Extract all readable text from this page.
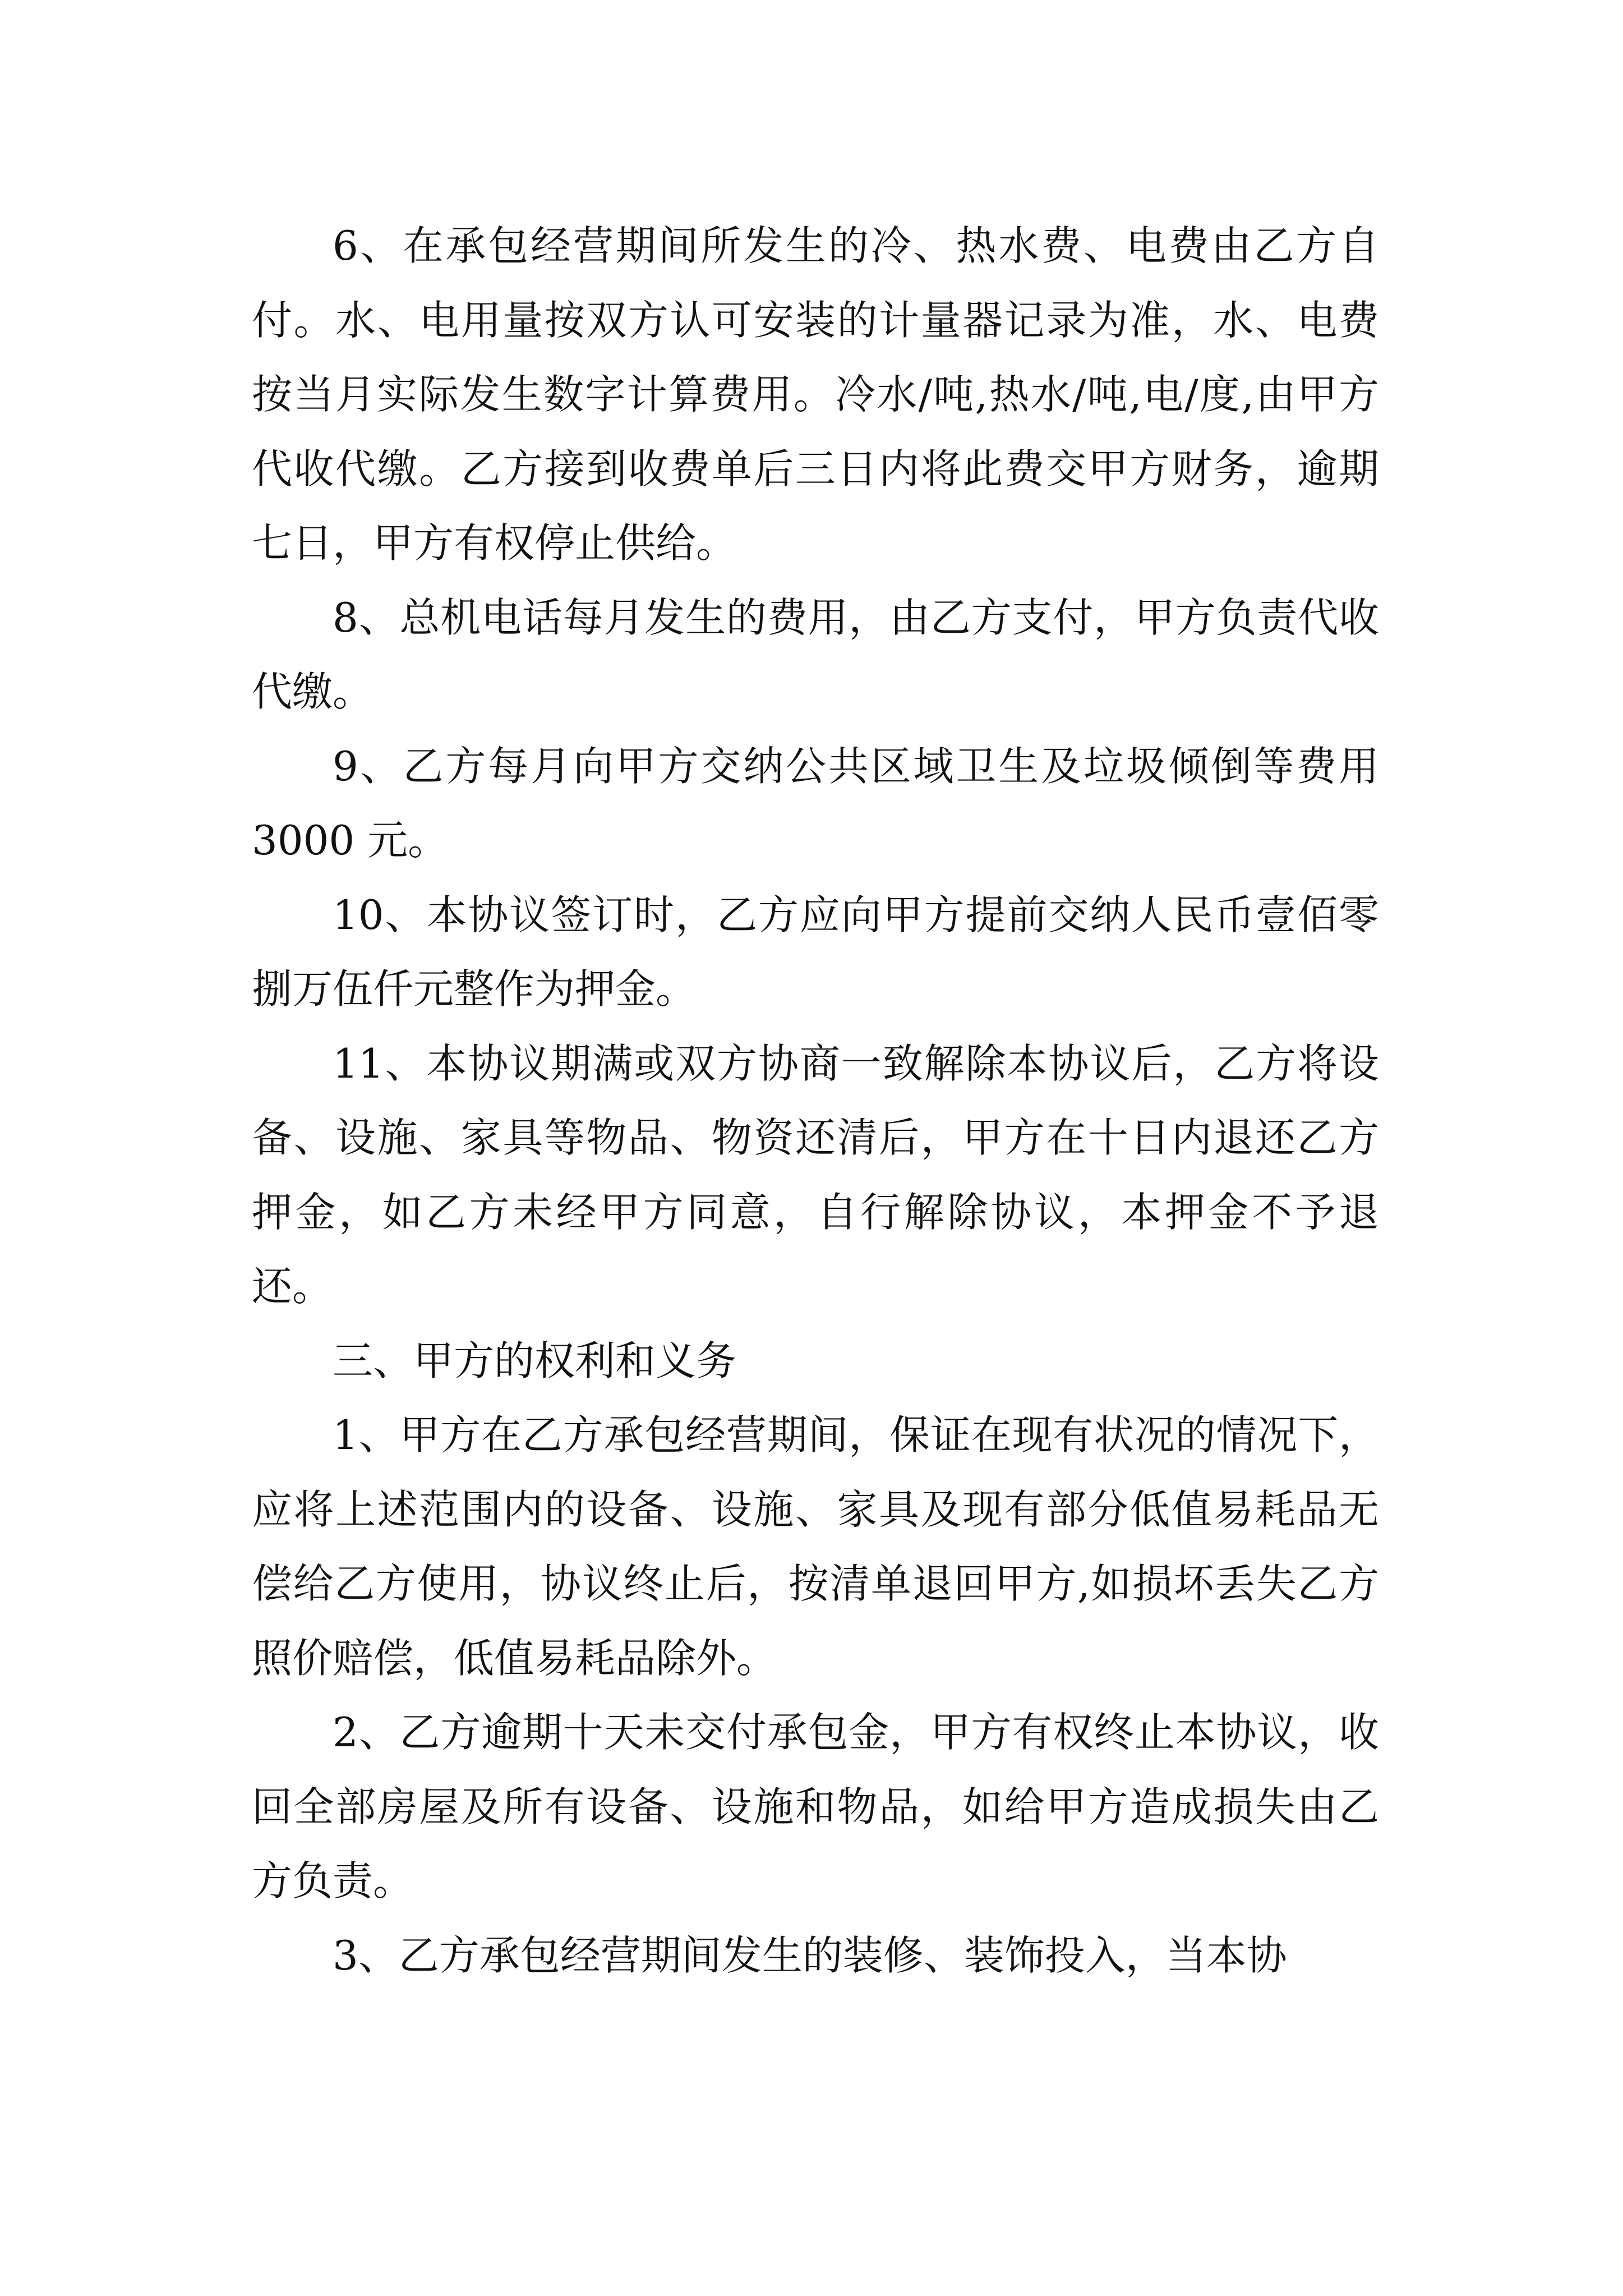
6、在承包经营期间所发生的冷、热水费、电费由乙方自付。水、电用量按双方认可安装的计量器记录为准，水、电费按当月实际发生数字计算费用。冷水/吨,热水/吨,电/度,由甲方代收代缴。乙方接到收费单后三日内将此费交甲方财务，逾期七日，甲方有权停止供给。

8、总机电话每月发生的费用，由乙方支付，甲方负责代收代缴。

9、乙方每月向甲方交纳公共区域卫生及垃圾倾倒等费用 3000 元。

10、本协议签订时，乙方应向甲方提前交纳人民币壹佰零捌万伍仟元整作为押金。

11、本协议期满或双方协商一致解除本协议后，乙方将设备、设施、家具等物品、物资还清后，甲方在十日内退还乙方押金，如乙方未经甲方同意，自行解除协议，本押金不予退还。

三、甲方的权利和义务

1、甲方在乙方承包经营期间，保证在现有状况的情况下，应将上述范围内的设备、设施、家具及现有部分低值易耗品无偿给乙方使用，协议终止后，按清单退回甲方,如损坏丢失乙方照价赔偿，低值易耗品除外。

2、乙方逾期十天未交付承包金，甲方有权终止本协议，收回全部房屋及所有设备、设施和物品，如给甲方造成损失由乙方负责。

3、乙方承包经营期间发生的装修、装饰投入，当本协
